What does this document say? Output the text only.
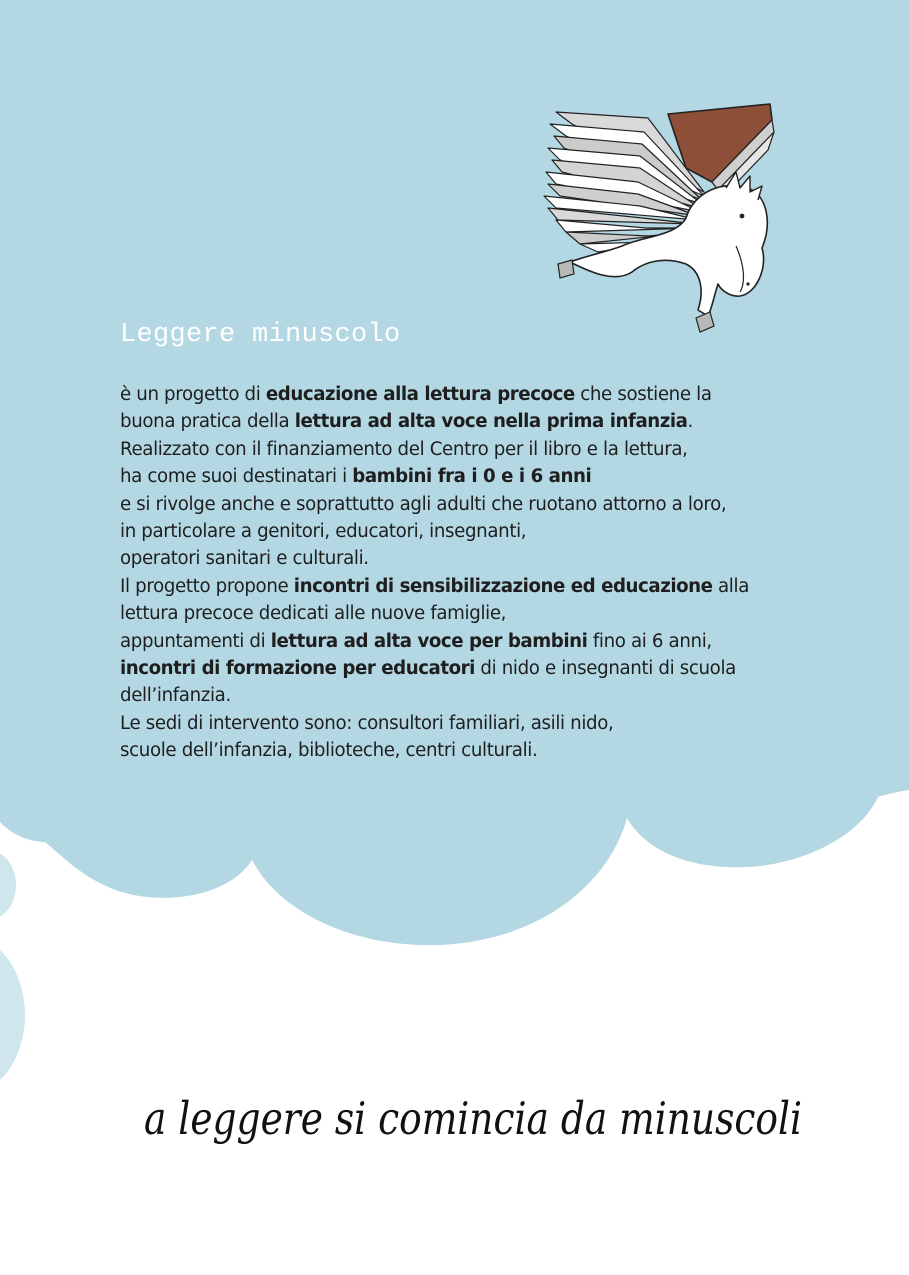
Leggere minuscolo
è un progetto di educazione alla lettura precoce che sostiene la
buona pratica della lettura ad alta voce nella prima infanzia.
Realizzato con il finanziamento del Centro per il libro e la lettura,
ha come suoi destinatari i bambini fra i 0 e i 6 anni
e si rivolge anche e soprattutto agli adulti che ruotano attorno a loro,
in particolare a genitori, educatori, insegnanti,
operatori sanitari e culturali.
Il progetto propone incontri di sensibilizzazione ed educazione alla
lettura precoce dedicati alle nuove famiglie,
appuntamenti di lettura ad alta voce per bambini fino ai 6 anni,
incontri di formazione per educatori di nido e insegnanti di scuola
dell’infanzia.
Le sedi di intervento sono: consultori familiari, asili nido,
scuole dell’infanzia, biblioteche, centri culturali.
a leggere si comincia da minuscoli
